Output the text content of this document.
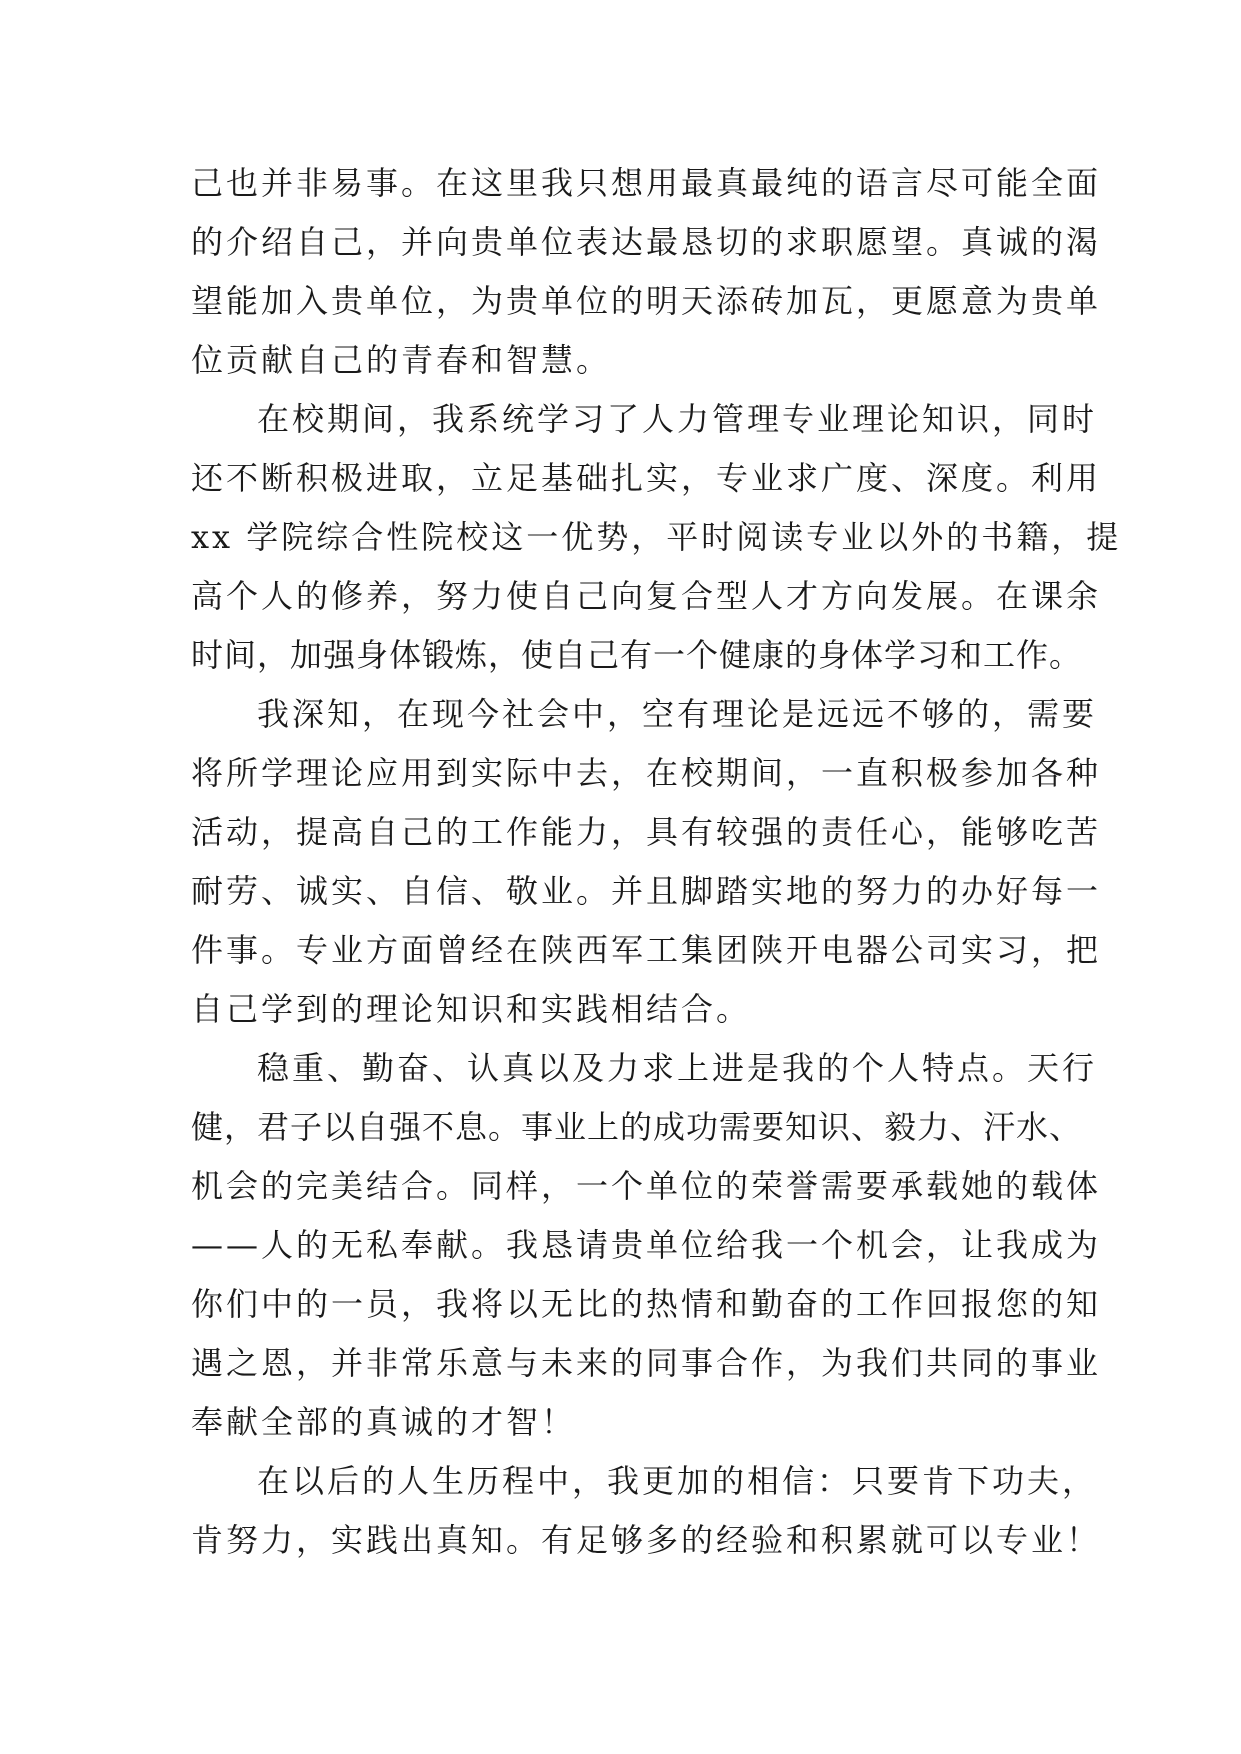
己也并非易事。在这里我只想用最真最纯的语言尽可能全面
的介绍自己，并向贵单位表达最恳切的求职愿望。真诚的渴
望能加入贵单位，为贵单位的明天添砖加瓦，更愿意为贵单
位贡献自己的青春和智慧。
在校期间，我系统学习了人力管理专业理论知识，同时
还不断积极进取，立足基础扎实，专业求广度、深度。利用
xx 学院综合性院校这一优势，平时阅读专业以外的书籍，提
高个人的修养，努力使自己向复合型人才方向发展。在课余
时间，加强身体锻炼，使自己有一个健康的身体学习和工作。
我深知，在现今社会中，空有理论是远远不够的，需要
将所学理论应用到实际中去，在校期间，一直积极参加各种
活动，提高自己的工作能力，具有较强的责任心，能够吃苦
耐劳、诚实、自信、敬业。并且脚踏实地的努力的办好每一
件事。专业方面曾经在陕西军工集团陕开电器公司实习，把
自己学到的理论知识和实践相结合。
稳重、勤奋、认真以及力求上进是我的个人特点。天行
健，君子以自强不息。事业上的成功需要知识、毅力、汗水、
机会的完美结合。同样，一个单位的荣誉需要承载她的载体
——人的无私奉献。我恳请贵单位给我一个机会，让我成为
你们中的一员，我将以无比的热情和勤奋的工作回报您的知
遇之恩，并非常乐意与未来的同事合作，为我们共同的事业
奉献全部的真诚的才智！
在以后的人生历程中，我更加的相信：只要肯下功夫，
肯努力，实践出真知。有足够多的经验和积累就可以专业！
